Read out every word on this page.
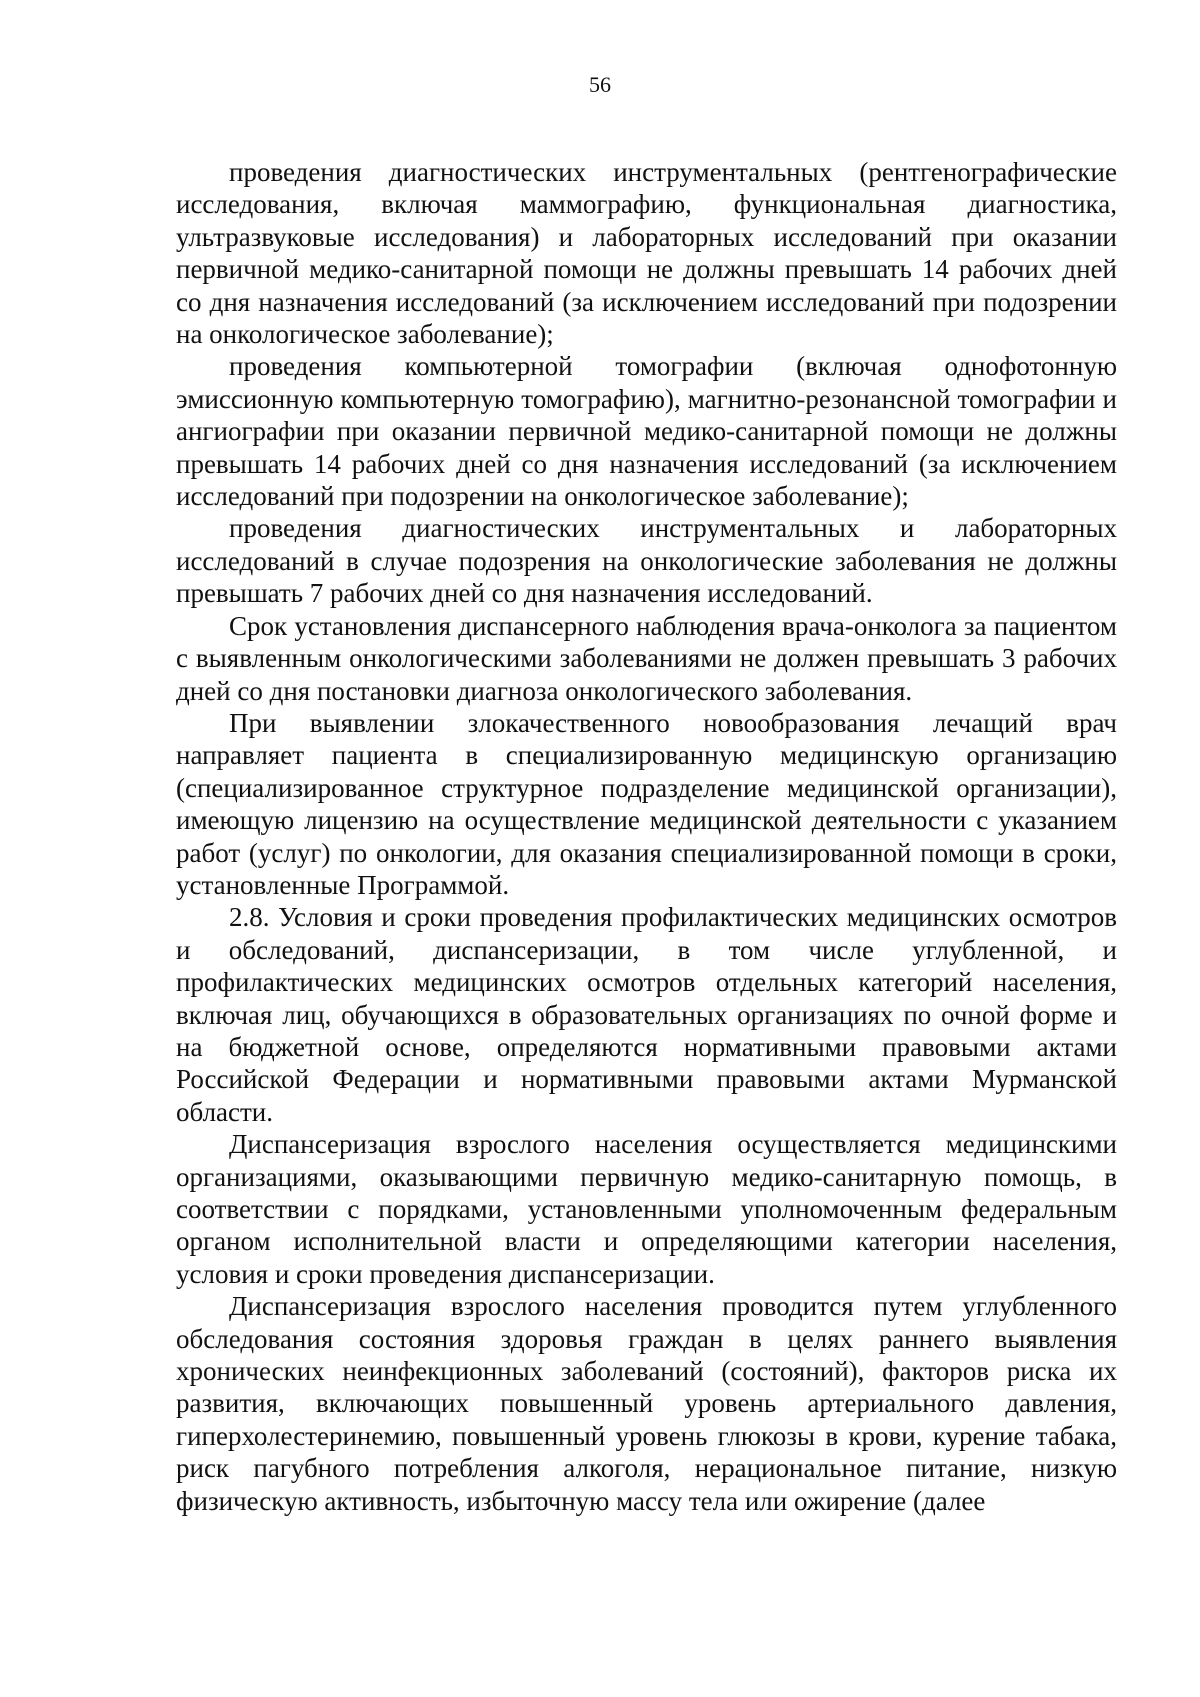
56

проведения диагностических инструментальных (рентгенографические исследования, включая маммографию, функциональная диагностика, ультразвуковые исследования) и лабораторных исследований при оказании первичной медико-санитарной помощи не должны превышать 14 рабочих дней со дня назначения исследований (за исключением исследований при подозрении на онкологическое заболевание);

проведения компьютерной томографии (включая однофотонную эмиссионную компьютерную томографию), магнитно-резонансной томографии и ангиографии при оказании первичной медико-санитарной помощи не должны превышать 14 рабочих дней со дня назначения исследований (за исключением исследований при подозрении на онкологическое заболевание);

проведения диагностических инструментальных и лабораторных исследований в случае подозрения на онкологические заболевания не должны превышать 7 рабочих дней со дня назначения исследований.

Срок установления диспансерного наблюдения врача-онколога за пациентом с выявленным онкологическими заболеваниями не должен превышать 3 рабочих дней со дня постановки диагноза онкологического заболевания.

При выявлении злокачественного новообразования лечащий врач направляет пациента в специализированную медицинскую организацию (специализированное структурное подразделение медицинской организации), имеющую лицензию на осуществление медицинской деятельности с указанием работ (услуг) по онкологии, для оказания специализированной помощи в сроки, установленные Программой.

2.8. Условия и сроки проведения профилактических медицинских осмотров и обследований, диспансеризации, в том числе углубленной, и профилактических медицинских осмотров отдельных категорий населения, включая лиц, обучающихся в образовательных организациях по очной форме и на бюджетной основе, определяются нормативными правовыми актами Российской Федерации и нормативными правовыми актами Мурманской области.

Диспансеризация взрослого населения осуществляется медицинскими организациями, оказывающими первичную медико-санитарную помощь, в соответствии с порядками, установленными уполномоченным федеральным органом исполнительной власти и определяющими категории населения, условия и сроки проведения диспансеризации.

Диспансеризация взрослого населения проводится путем углубленного обследования состояния здоровья граждан в целях раннего выявления хронических неинфекционных заболеваний (состояний), факторов риска их развития, включающих повышенный уровень артериального давления, гиперхолестеринемию, повышенный уровень глюкозы в крови, курение табака, риск пагубного потребления алкоголя, нерациональное питание, низкую физическую активность, избыточную массу тела или ожирение (далее
